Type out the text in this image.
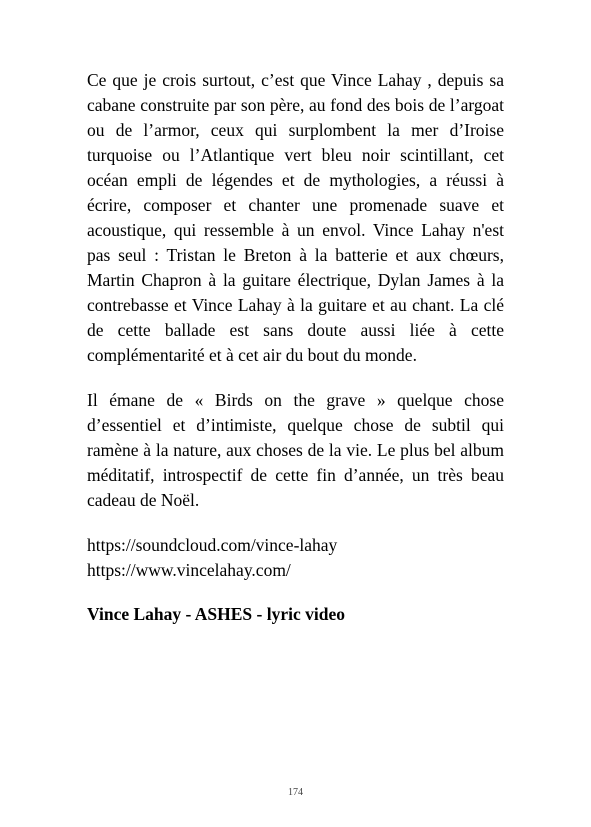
Ce que je crois surtout, c’est que Vince Lahay , depuis sa cabane construite par son père, au fond des bois de l’argoat ou de l’armor, ceux qui surplombent la mer d’Iroise turquoise ou l’Atlantique vert bleu noir scintillant, cet océan empli de légendes et de mythologies, a réussi à écrire, composer et chanter une promenade suave et acoustique, qui ressemble à un envol. Vince Lahay n'est pas seul : Tristan le Breton à la batterie et aux chœurs, Martin Chapron à la guitare électrique, Dylan James à la contrebasse et Vince Lahay à la guitare et au chant. La clé de cette ballade est sans doute aussi liée à cette complémentarité et à cet air du bout du monde.

Il émane de « Birds on the grave » quelque chose d’essentiel et d’intimiste, quelque chose de subtil qui ramène à la nature, aux choses de la vie. Le plus bel album méditatif, introspectif de cette fin d’année, un très beau cadeau de Noël.

https://soundcloud.com/vince-lahay
https://www.vincelahay.com/

Vince Lahay - ASHES - lyric video

174
